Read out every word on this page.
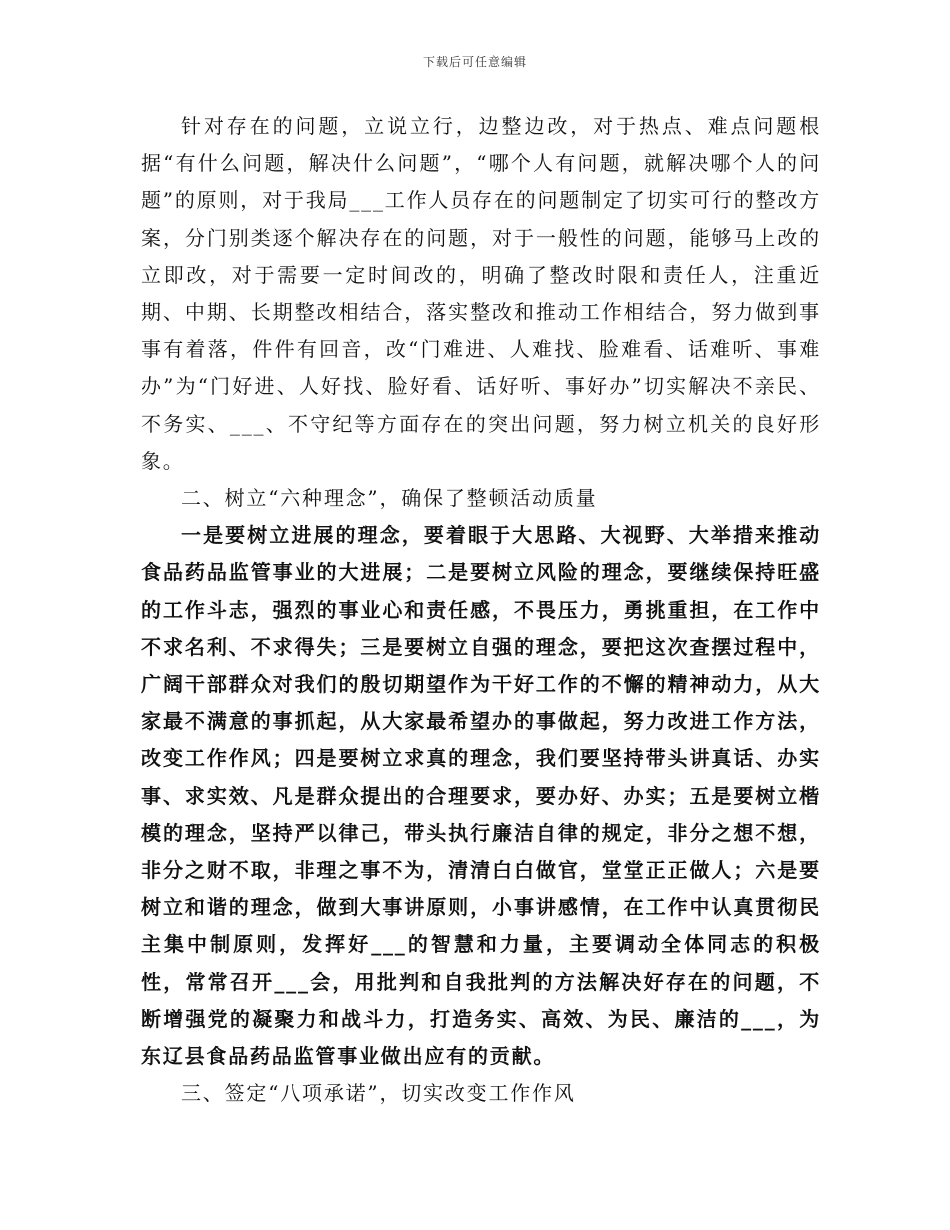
下载后可任意编辑

针对存在的问题，立说立行，边整边改，对于热点、难点问题根据“有什么问题，解决什么问题”，“哪个人有问题，就解决哪个人的问题”的原则，对于我局___工作人员存在的问题制定了切实可行的整改方案，分门别类逐个解决存在的问题，对于一般性的问题，能够马上改的立即改，对于需要一定时间改的，明确了整改时限和责任人，注重近期、中期、长期整改相结合，落实整改和推动工作相结合，努力做到事事有着落，件件有回音，改“门难进、人难找、脸难看、话难听、事难办”为“门好进、人好找、脸好看、话好听、事好办”切实解决不亲民、不务实、___、不守纪等方面存在的突出问题，努力树立机关的良好形象。

二、树立“六种理念”，确保了整顿活动质量

一是要树立进展的理念，要着眼于大思路、大视野、大举措来推动食品药品监管事业的大进展；二是要树立风险的理念，要继续保持旺盛的工作斗志，强烈的事业心和责任感，不畏压力，勇挑重担，在工作中不求名利、不求得失；三是要树立自强的理念，要把这次查摆过程中，广阔干部群众对我们的殷切期望作为干好工作的不懈的精神动力，从大家最不满意的事抓起，从大家最希望办的事做起，努力改进工作方法，改变工作作风；四是要树立求真的理念，我们要坚持带头讲真话、办实事、求实效、凡是群众提出的合理要求，要办好、办实；五是要树立楷模的理念，坚持严以律己，带头执行廉洁自律的规定，非分之想不想，非分之财不取，非理之事不为，清清白白做官，堂堂正正做人；六是要树立和谐的理念，做到大事讲原则，小事讲感情，在工作中认真贯彻民主集中制原则，发挥好___的智慧和力量，主要调动全体同志的积极性，常常召开___会，用批判和自我批判的方法解决好存在的问题，不断增强党的凝聚力和战斗力，打造务实、高效、为民、廉洁的___，为东辽县食品药品监管事业做出应有的贡献。

三、签定“八项承诺”，切实改变工作作风
